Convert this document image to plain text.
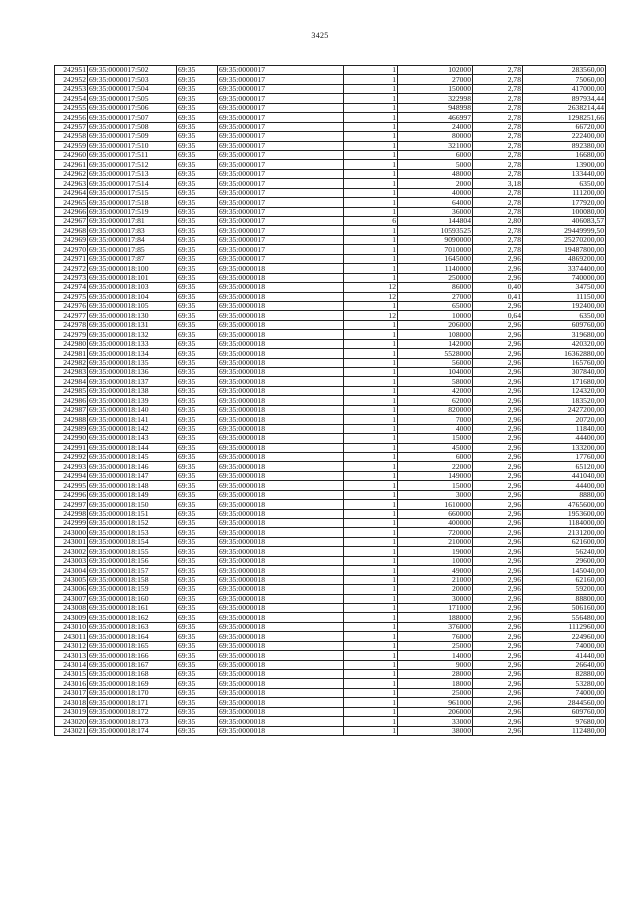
3425
242951	69:35:0000017:502	69:35	69:35:0000017	1	102000	2,78	283560,00
242952	69:35:0000017:503	69:35	69:35:0000017	1	27000	2,78	75060,00
242953	69:35:0000017:504	69:35	69:35:0000017	1	150000	2,78	417000,00
242954	69:35:0000017:505	69:35	69:35:0000017	1	322998	2,78	897934,44
242955	69:35:0000017:506	69:35	69:35:0000017	1	948998	2,78	2638214,44
242956	69:35:0000017:507	69:35	69:35:0000017	1	466997	2,78	1298251,66
242957	69:35:0000017:508	69:35	69:35:0000017	1	24000	2,78	66720,00
242958	69:35:0000017:509	69:35	69:35:0000017	1	80000	2,78	222400,00
242959	69:35:0000017:510	69:35	69:35:0000017	1	321000	2,78	892380,00
242960	69:35:0000017:511	69:35	69:35:0000017	1	6000	2,78	16680,00
242961	69:35:0000017:512	69:35	69:35:0000017	1	5000	2,78	13900,00
242962	69:35:0000017:513	69:35	69:35:0000017	1	48000	2,78	133440,00
242963	69:35:0000017:514	69:35	69:35:0000017	1	2000	3,18	6350,00
242964	69:35:0000017:515	69:35	69:35:0000017	1	40000	2,78	111200,00
242965	69:35:0000017:518	69:35	69:35:0000017	1	64000	2,78	177920,00
242966	69:35:0000017:519	69:35	69:35:0000017	1	36000	2,78	100080,00
242967	69:35:0000017:81	69:35	69:35:0000017	6	144804	2,80	406083,57
242968	69:35:0000017:83	69:35	69:35:0000017	1	10593525	2,78	29449999,50
242969	69:35:0000017:84	69:35	69:35:0000017	1	9090000	2,78	25270200,00
242970	69:35:0000017:85	69:35	69:35:0000017	1	7010000	2,78	19487800,00
242971	69:35:0000017:87	69:35	69:35:0000017	1	1645000	2,96	4869200,00
242972	69:35:0000018:100	69:35	69:35:0000018	1	1140000	2,96	3374400,00
242973	69:35:0000018:101	69:35	69:35:0000018	1	250000	2,96	740000,00
242974	69:35:0000018:103	69:35	69:35:0000018	12	86000	0,40	34750,00
242975	69:35:0000018:104	69:35	69:35:0000018	12	27000	0,41	11150,00
242976	69:35:0000018:105	69:35	69:35:0000018	1	65000	2,96	192400,00
242977	69:35:0000018:130	69:35	69:35:0000018	12	10000	0,64	6350,00
242978	69:35:0000018:131	69:35	69:35:0000018	1	206000	2,96	609760,00
242979	69:35:0000018:132	69:35	69:35:0000018	1	108000	2,96	319680,00
242980	69:35:0000018:133	69:35	69:35:0000018	1	142000	2,96	420320,00
242981	69:35:0000018:134	69:35	69:35:0000018	1	5528000	2,96	16362880,00
242982	69:35:0000018:135	69:35	69:35:0000018	1	56000	2,96	165760,00
242983	69:35:0000018:136	69:35	69:35:0000018	1	104000	2,96	307840,00
242984	69:35:0000018:137	69:35	69:35:0000018	1	58000	2,96	171680,00
242985	69:35:0000018:138	69:35	69:35:0000018	1	42000	2,96	124320,00
242986	69:35:0000018:139	69:35	69:35:0000018	1	62000	2,96	183520,00
242987	69:35:0000018:140	69:35	69:35:0000018	1	820000	2,96	2427200,00
242988	69:35:0000018:141	69:35	69:35:0000018	1	7000	2,96	20720,00
242989	69:35:0000018:142	69:35	69:35:0000018	1	4000	2,96	11840,00
242990	69:35:0000018:143	69:35	69:35:0000018	1	15000	2,96	44400,00
242991	69:35:0000018:144	69:35	69:35:0000018	1	45000	2,96	133200,00
242992	69:35:0000018:145	69:35	69:35:0000018	1	6000	2,96	17760,00
242993	69:35:0000018:146	69:35	69:35:0000018	1	22000	2,96	65120,00
242994	69:35:0000018:147	69:35	69:35:0000018	1	149000	2,96	441040,00
242995	69:35:0000018:148	69:35	69:35:0000018	1	15000	2,96	44400,00
242996	69:35:0000018:149	69:35	69:35:0000018	1	3000	2,96	8880,00
242997	69:35:0000018:150	69:35	69:35:0000018	1	1610000	2,96	4765600,00
242998	69:35:0000018:151	69:35	69:35:0000018	1	660000	2,96	1953600,00
242999	69:35:0000018:152	69:35	69:35:0000018	1	400000	2,96	1184000,00
243000	69:35:0000018:153	69:35	69:35:0000018	1	720000	2,96	2131200,00
243001	69:35:0000018:154	69:35	69:35:0000018	1	210000	2,96	621600,00
243002	69:35:0000018:155	69:35	69:35:0000018	1	19000	2,96	56240,00
243003	69:35:0000018:156	69:35	69:35:0000018	1	10000	2,96	29600,00
243004	69:35:0000018:157	69:35	69:35:0000018	1	49000	2,96	145040,00
243005	69:35:0000018:158	69:35	69:35:0000018	1	21000	2,96	62160,00
243006	69:35:0000018:159	69:35	69:35:0000018	1	20000	2,96	59200,00
243007	69:35:0000018:160	69:35	69:35:0000018	1	30000	2,96	88800,00
243008	69:35:0000018:161	69:35	69:35:0000018	1	171000	2,96	506160,00
243009	69:35:0000018:162	69:35	69:35:0000018	1	188000	2,96	556480,00
243010	69:35:0000018:163	69:35	69:35:0000018	1	376000	2,96	1112960,00
243011	69:35:0000018:164	69:35	69:35:0000018	1	76000	2,96	224960,00
243012	69:35:0000018:165	69:35	69:35:0000018	1	25000	2,96	74000,00
243013	69:35:0000018:166	69:35	69:35:0000018	1	14000	2,96	41440,00
243014	69:35:0000018:167	69:35	69:35:0000018	1	9000	2,96	26640,00
243015	69:35:0000018:168	69:35	69:35:0000018	1	28000	2,96	82880,00
243016	69:35:0000018:169	69:35	69:35:0000018	1	18000	2,96	53280,00
243017	69:35:0000018:170	69:35	69:35:0000018	1	25000	2,96	74000,00
243018	69:35:0000018:171	69:35	69:35:0000018	1	961000	2,96	2844560,00
243019	69:35:0000018:172	69:35	69:35:0000018	1	206000	2,96	609760,00
243020	69:35:0000018:173	69:35	69:35:0000018	1	33000	2,96	97680,00
243021	69:35:0000018:174	69:35	69:35:0000018	1	38000	2,96	112480,00
